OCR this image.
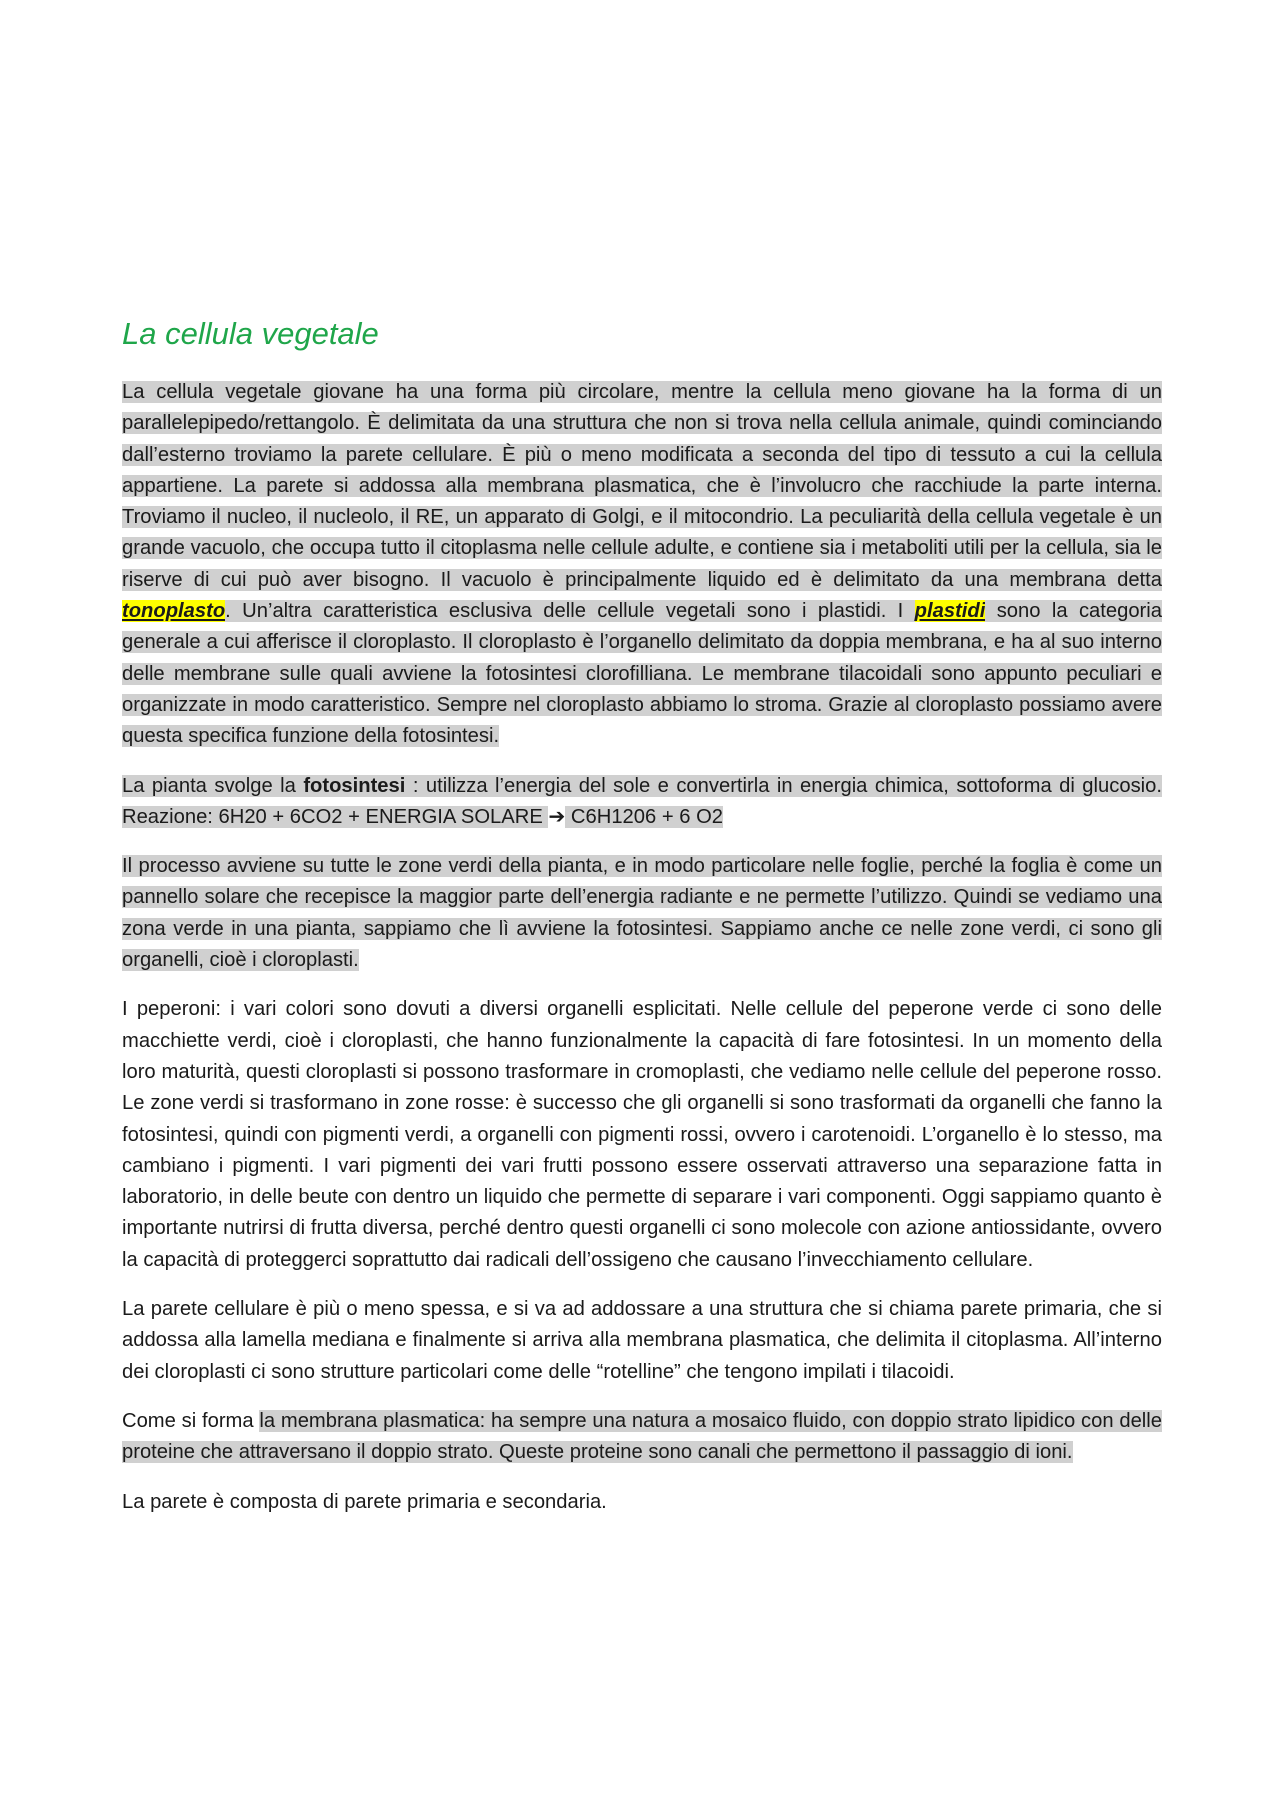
La cellula vegetale

La cellula vegetale giovane ha una forma più circolare, mentre la cellula meno giovane ha la forma di un parallelepipedo/rettangolo. È delimitata da una struttura che non si trova nella cellula animale, quindi cominciando dall’esterno troviamo la parete cellulare. È più o meno modificata a seconda del tipo di tessuto a cui la cellula appartiene. La parete si addossa alla membrana plasmatica, che è l’involucro che racchiude la parte interna. Troviamo il nucleo, il nucleolo, il RE, un apparato di Golgi, e il mitocondrio. La peculiarità della cellula vegetale è un grande vacuolo, che occupa tutto il citoplasma nelle cellule adulte, e contiene sia i metaboliti utili per la cellula, sia le riserve di cui può aver bisogno. Il vacuolo è principalmente liquido ed è delimitato da una membrana detta tonoplasto. Un’altra caratteristica esclusiva delle cellule vegetali sono i plastidi. I plastidi sono la categoria generale a cui afferisce il cloroplasto. Il cloroplasto è l’organello delimitato da doppia membrana, e ha al suo interno delle membrane sulle quali avviene la fotosintesi clorofilliana. Le membrane tilacoidali sono appunto peculiari e organizzate in modo caratteristico. Sempre nel cloroplasto abbiamo lo stroma. Grazie al cloroplasto possiamo avere questa specifica funzione della fotosintesi.

La pianta svolge la fotosintesi : utilizza l’energia del sole e convertirla in energia chimica, sottoforma di glucosio. Reazione: 6H20 + 6CO2 + ENERGIA SOLARE ➔ C6H1206 + 6 O2

Il processo avviene su tutte le zone verdi della pianta, e in modo particolare nelle foglie, perché la foglia è come un pannello solare che recepisce la maggior parte dell’energia radiante e ne permette l’utilizzo. Quindi se vediamo una zona verde in una pianta, sappiamo che lì avviene la fotosintesi. Sappiamo anche ce nelle zone verdi, ci sono gli organelli, cioè i cloroplasti.

I peperoni: i vari colori sono dovuti a diversi organelli esplicitati. Nelle cellule del peperone verde ci sono delle macchiette verdi, cioè i cloroplasti, che hanno funzionalmente la capacità di fare fotosintesi. In un momento della loro maturità, questi cloroplasti si possono trasformare in cromoplasti, che vediamo nelle cellule del peperone rosso. Le zone verdi si trasformano in zone rosse: è successo che gli organelli si sono trasformati da organelli che fanno la fotosintesi, quindi con pigmenti verdi, a organelli con pigmenti rossi, ovvero i carotenoidi. L’organello è lo stesso, ma cambiano i pigmenti. I vari pigmenti dei vari frutti possono essere osservati attraverso una separazione fatta in laboratorio, in delle beute con dentro un liquido che permette di separare i vari componenti. Oggi sappiamo quanto è importante nutrirsi di frutta diversa, perché dentro questi organelli ci sono molecole con azione antiossidante, ovvero la capacità di proteggerci soprattutto dai radicali dell’ossigeno che causano l’invecchiamento cellulare.

La parete cellulare è più o meno spessa, e si va ad addossare a una struttura che si chiama parete primaria, che si addossa alla lamella mediana e finalmente si arriva alla membrana plasmatica, che delimita il citoplasma. All’interno dei cloroplasti ci sono strutture particolari come delle “rotelline” che tengono impilati i tilacoidi.

Come si forma la membrana plasmatica: ha sempre una natura a mosaico fluido, con doppio strato lipidico con delle proteine che attraversano il doppio strato. Queste proteine sono canali che permettono il passaggio di ioni.

La parete è composta di parete primaria e secondaria.
